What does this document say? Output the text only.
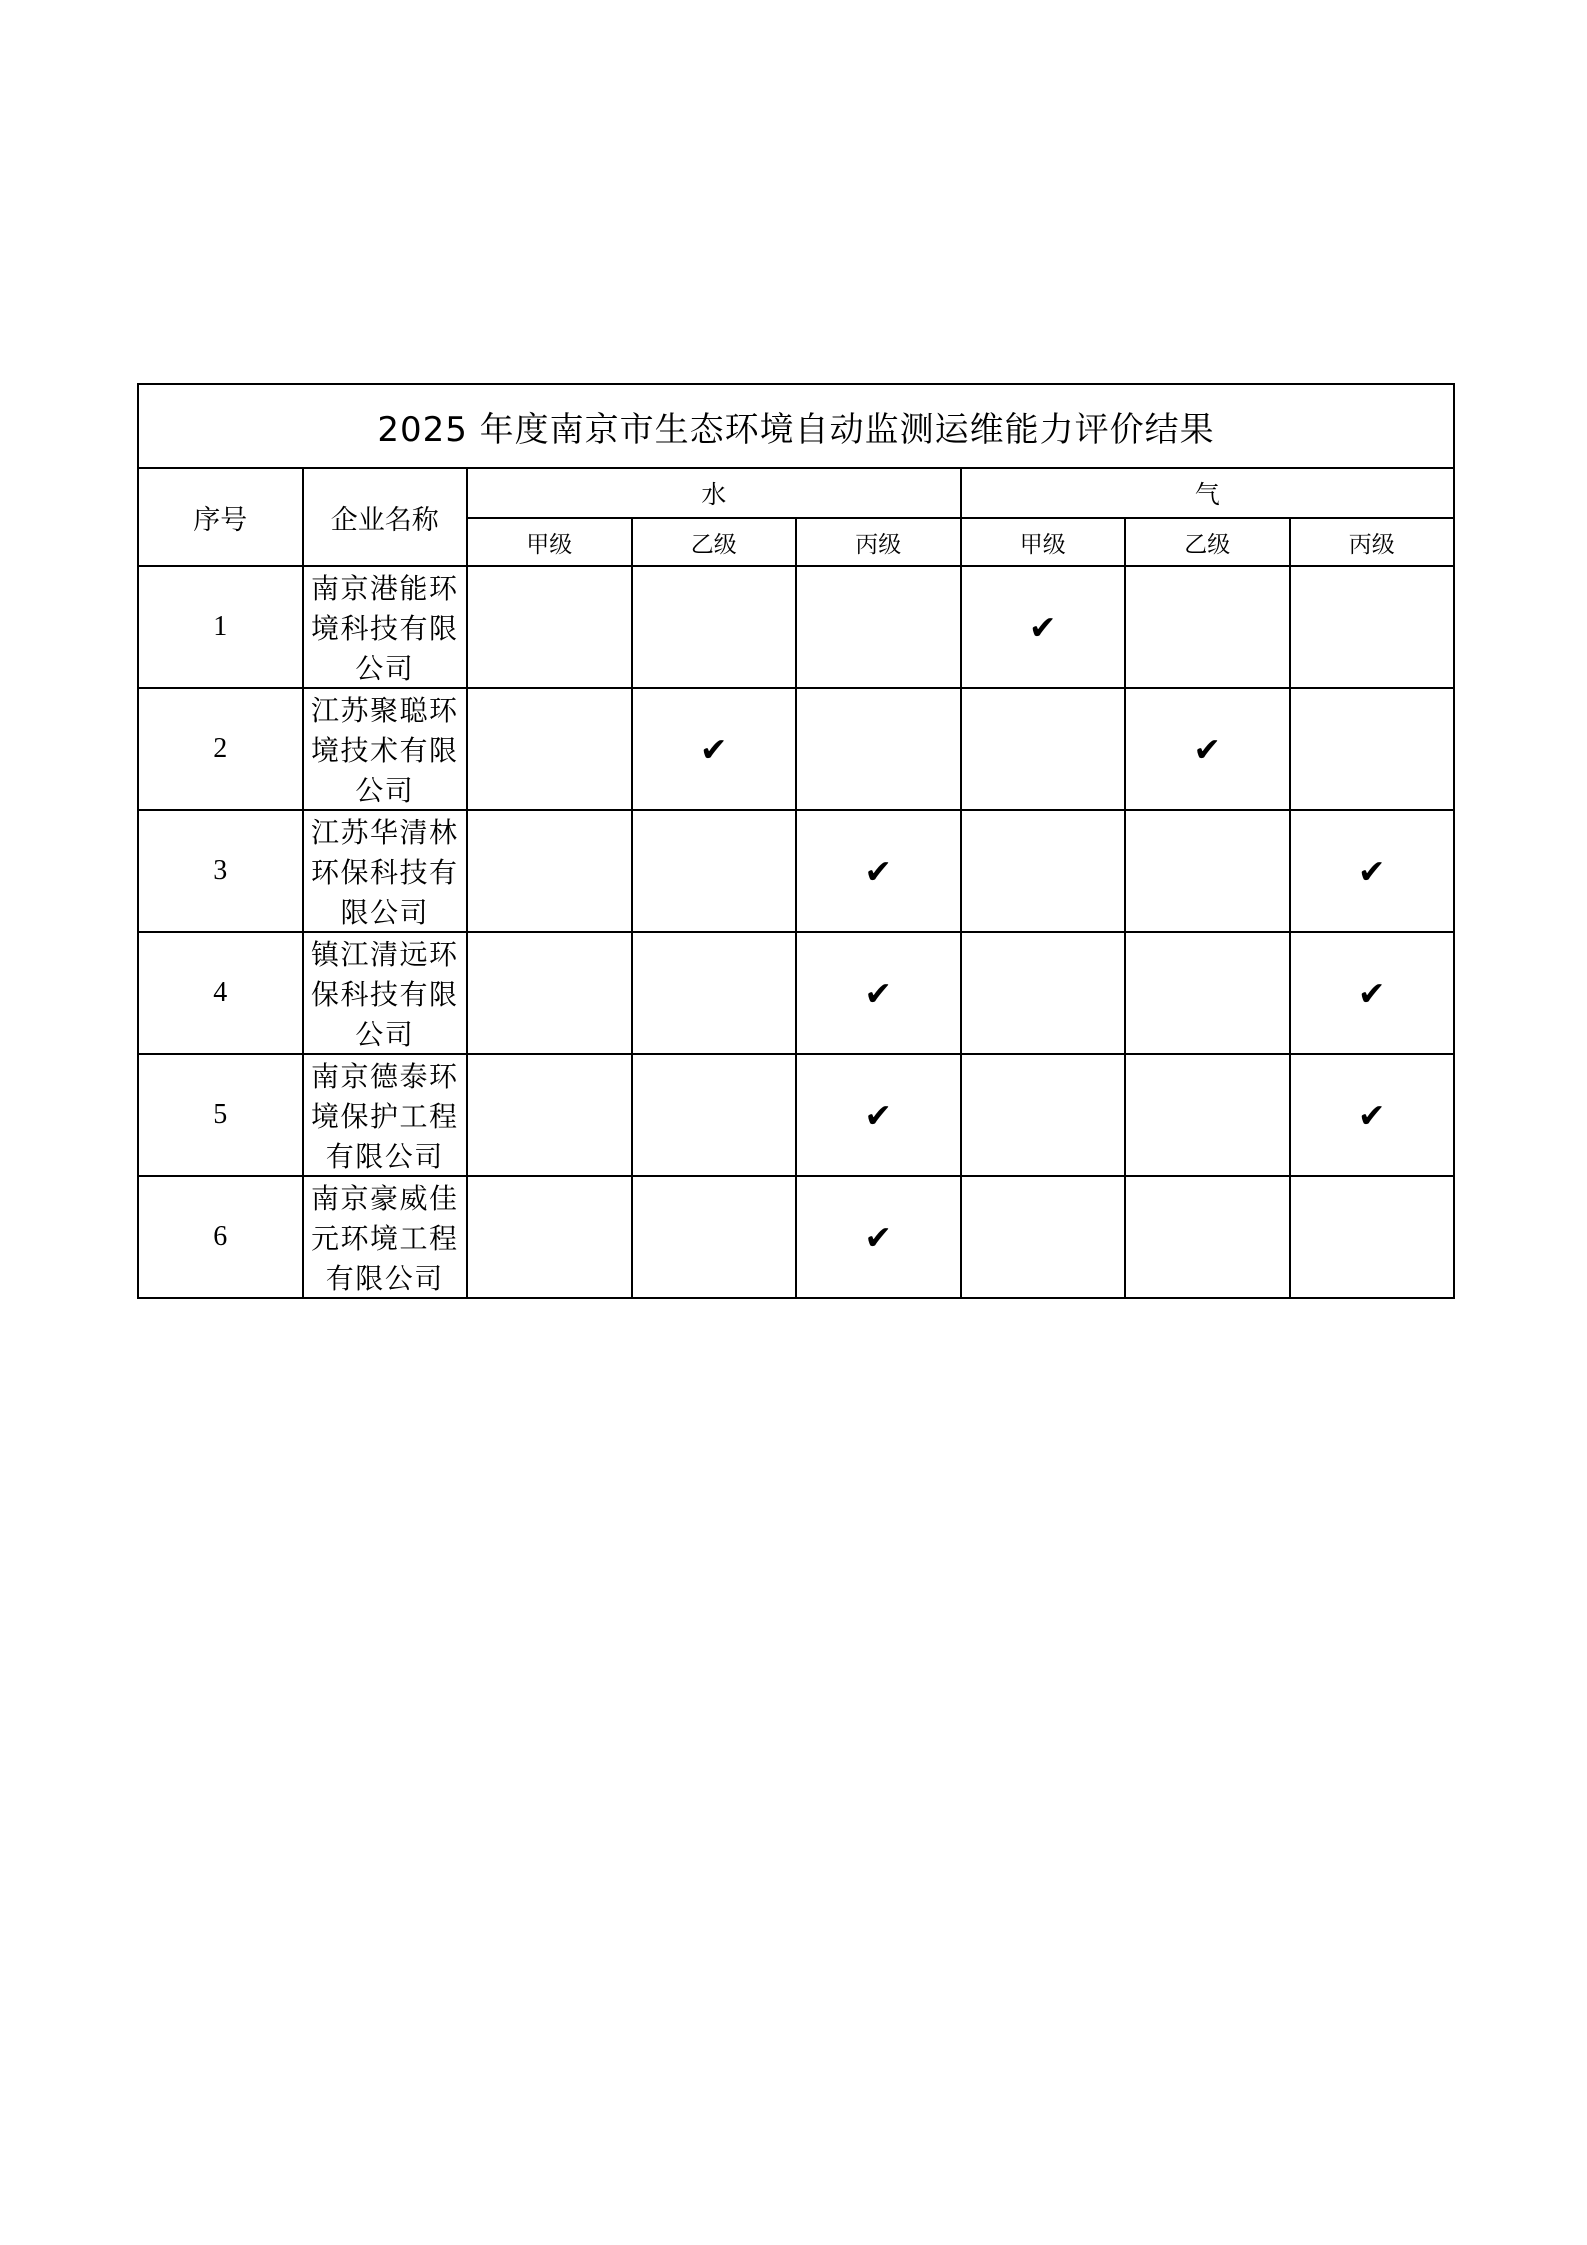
2025 年度南京市生态环境自动监测运维能力评价结果							
序号	企业名称	水			气		
		甲级	乙级	丙级	甲级	乙级	丙级
1	南京港能环境科技有限公司				✔		
2	江苏聚聪环境技术有限公司		✔			✔	
3	江苏华清林环保科技有限公司			✔			✔
4	镇江清远环保科技有限公司			✔			✔
5	南京德泰环境保护工程有限公司			✔			✔
6	南京豪威佳元环境工程有限公司			✔			
